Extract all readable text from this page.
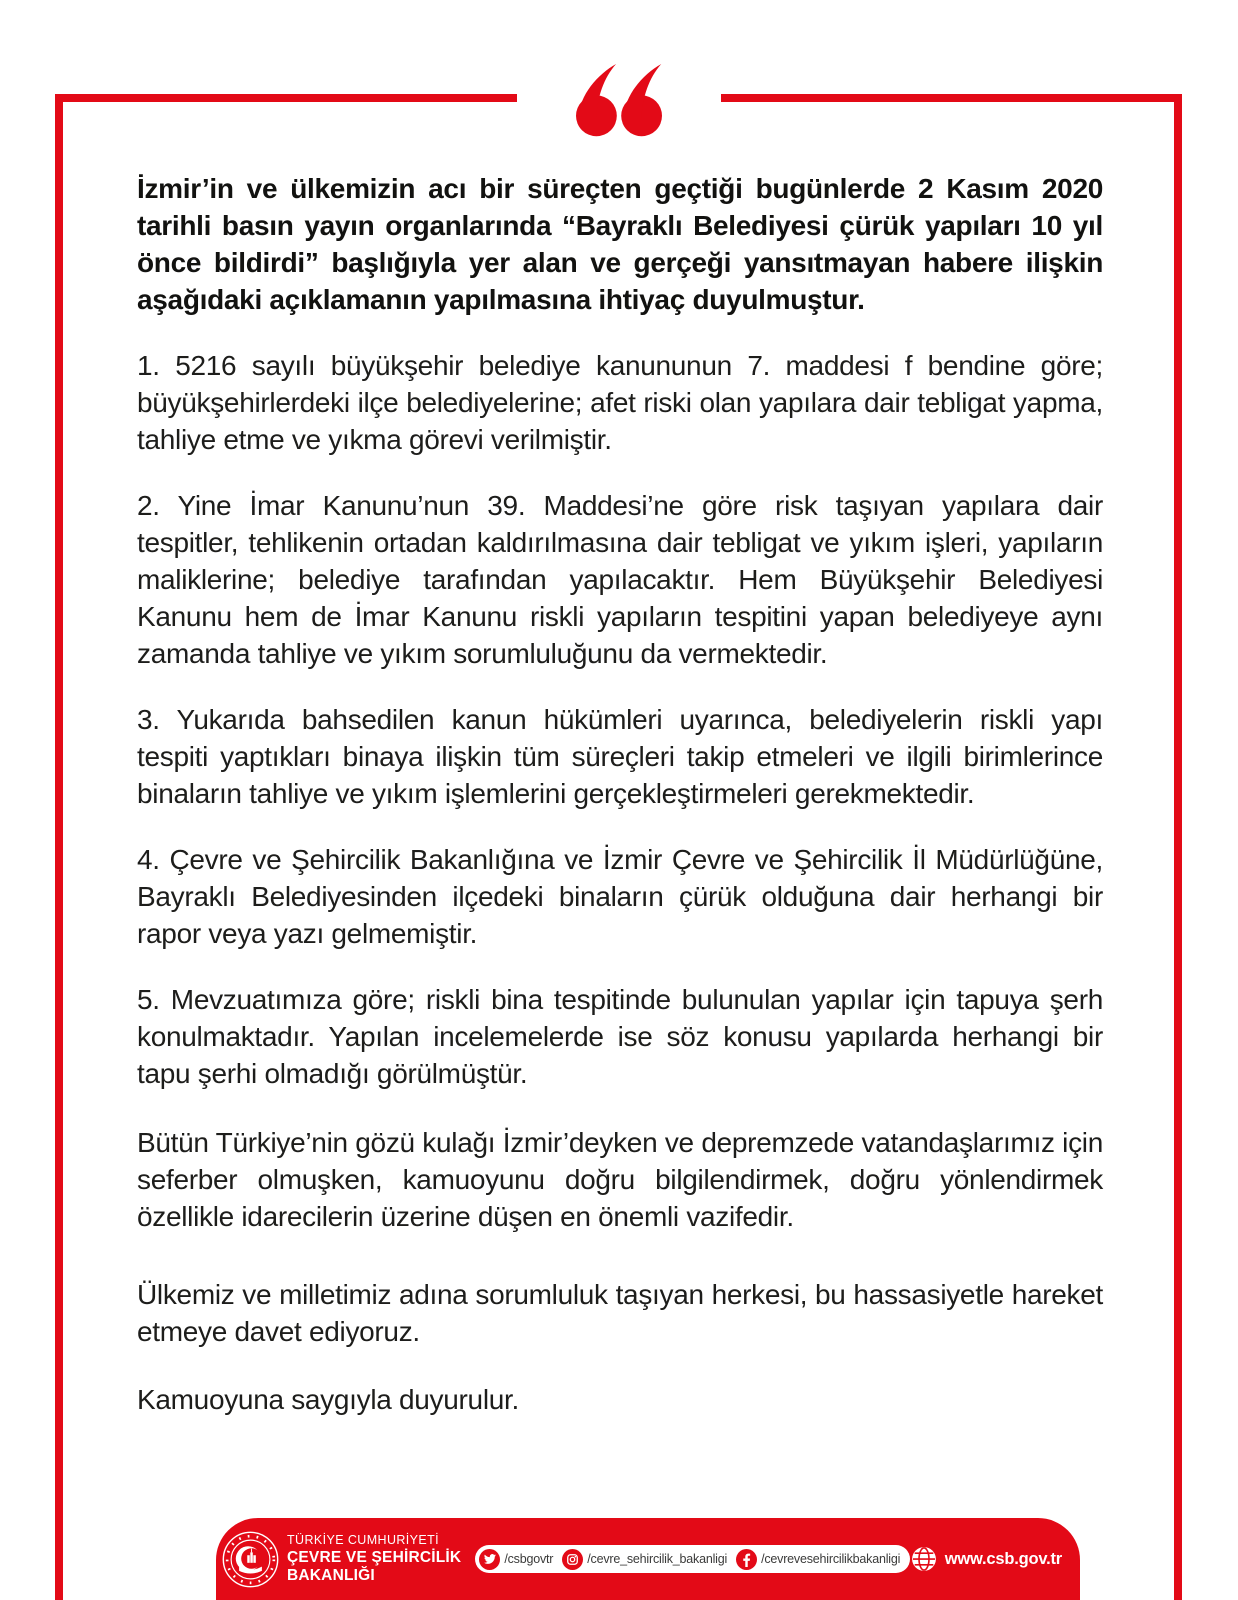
İzmir’in ve ülkemizin acı bir süreçten geçtiği bugünlerde 2 Kasım 2020 tarihli basın yayın organlarında “Bayraklı Belediyesi çürük yapıları 10 yıl önce bildirdi” başlığıyla yer alan ve gerçeği yansıtmayan habere ilişkin aşağıdaki açıklamanın yapılmasına ihtiyaç duyulmuştur.

1. 5216 sayılı büyükşehir belediye kanununun 7. maddesi f bendine göre; büyükşehirlerdeki ilçe belediyelerine; afet riski olan yapılara dair tebligat yapma, tahliye etme ve yıkma görevi verilmiştir.

2. Yine İmar Kanunu’nun 39. Maddesi’ne göre risk taşıyan yapılara dair tespitler, tehlikenin ortadan kaldırılmasına dair tebligat ve yıkım işleri, yapıların maliklerine; belediye tarafından yapılacaktır. Hem Büyükşehir Belediyesi Kanunu hem de İmar Kanunu riskli yapıların tespitini yapan belediyeye aynı zamanda tahliye ve yıkım sorumluluğunu da vermektedir.

3. Yukarıda bahsedilen kanun hükümleri uyarınca, belediyelerin riskli yapı tespiti yaptıkları binaya ilişkin tüm süreçleri takip etmeleri ve ilgili birimlerince binaların tahliye ve yıkım işlemlerini gerçekleştirmeleri gerekmektedir.

4. Çevre ve Şehircilik Bakanlığına ve İzmir Çevre ve Şehircilik İl Müdürlüğüne, Bayraklı Belediyesinden ilçedeki binaların çürük olduğuna dair herhangi bir rapor veya yazı gelmemiştir.

5. Mevzuatımıza göre; riskli bina tespitinde bulunulan yapılar için tapuya şerh konulmaktadır. Yapılan incelemelerde ise söz konusu yapılarda herhangi bir tapu şerhi olmadığı görülmüştür.

Bütün Türkiye’nin gözü kulağı İzmir’deyken ve depremzede vatandaşlarımız için seferber olmuşken, kamuoyunu doğru bilgilendirmek, doğru yönlendirmek özellikle idarecilerin üzerine düşen en önemli vazifedir.

Ülkemiz ve milletimiz adına sorumluluk taşıyan herkesi, bu hassasiyetle hareket etmeye davet ediyoruz.

Kamuoyuna saygıyla duyurulur.

TÜRKİYE CUMHURİYETİ
ÇEVRE VE ŞEHİRCİLİK
BAKANLIĞI
/csbgovtr	/cevre_sehircilik_bakanligi	/cevrevesehircilikbakanligi	www.csb.gov.tr
